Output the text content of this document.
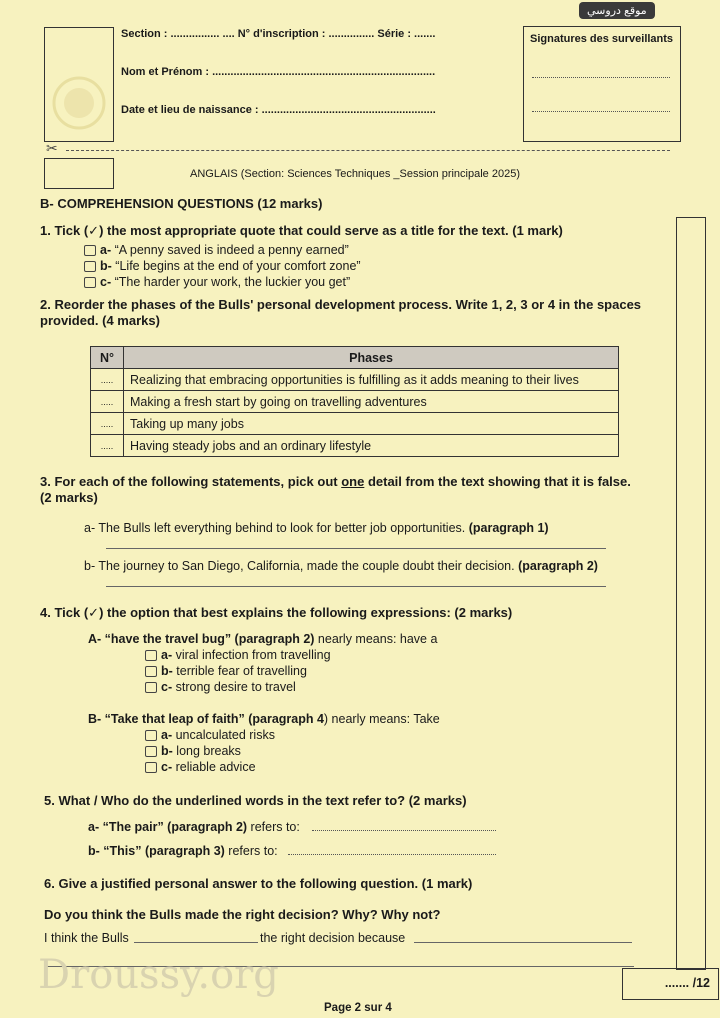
Section : ................ .... N° d'inscription : ............... Série : .......
Nom et Prénom : .........................................................................
Date et lieu de naissance : .........................................................
موقع دروسي
Signatures des surveillants
✂
ANGLAIS (Section: Sciences Techniques _Session principale 2025)
....... /12
B- COMPREHENSION QUESTIONS (12 marks)
1. Tick (✓) the most appropriate quote that could serve as a title for the text. (1 mark)
a- “A penny saved is indeed a penny earned”
b- “Life begins at the end of your comfort zone”
c- “The harder your work, the luckier you get”
2. Reorder the phases of the Bulls' personal development process. Write 1, 2, 3 or 4 in the spaces provided. (4 marks)
N°	Phases
.....	Realizing that embracing opportunities is fulfilling as it adds meaning to their lives
.....	Making a fresh start by going on travelling adventures
.....	Taking up many jobs
.....	Having steady jobs and an ordinary lifestyle
3. For each of the following statements, pick out one detail from the text showing that it is false.
(2 marks)
a- The Bulls left everything behind to look for better job opportunities. (paragraph 1)
b- The journey to San Diego, California, made the couple doubt their decision. (paragraph 2)
4. Tick (✓) the option that best explains the following expressions: (2 marks)
A- “have the travel bug” (paragraph 2) nearly means: have a
a- viral infection from travelling
b- terrible fear of travelling
c- strong desire to travel
B- “Take that leap of faith” (paragraph 4) nearly means: Take
a- uncalculated risks
b- long breaks
c- reliable advice
5. What / Who do the underlined words in the text refer to? (2 marks)
a- “The pair” (paragraph 2) refers to:
b- “This” (paragraph 3) refers to:
6. Give a justified personal answer to the following question. (1 mark)
Do you think the Bulls made the right decision? Why? Why not?
I think the Bulls	the right decision because
Droussy.org
Page 2 sur 4
